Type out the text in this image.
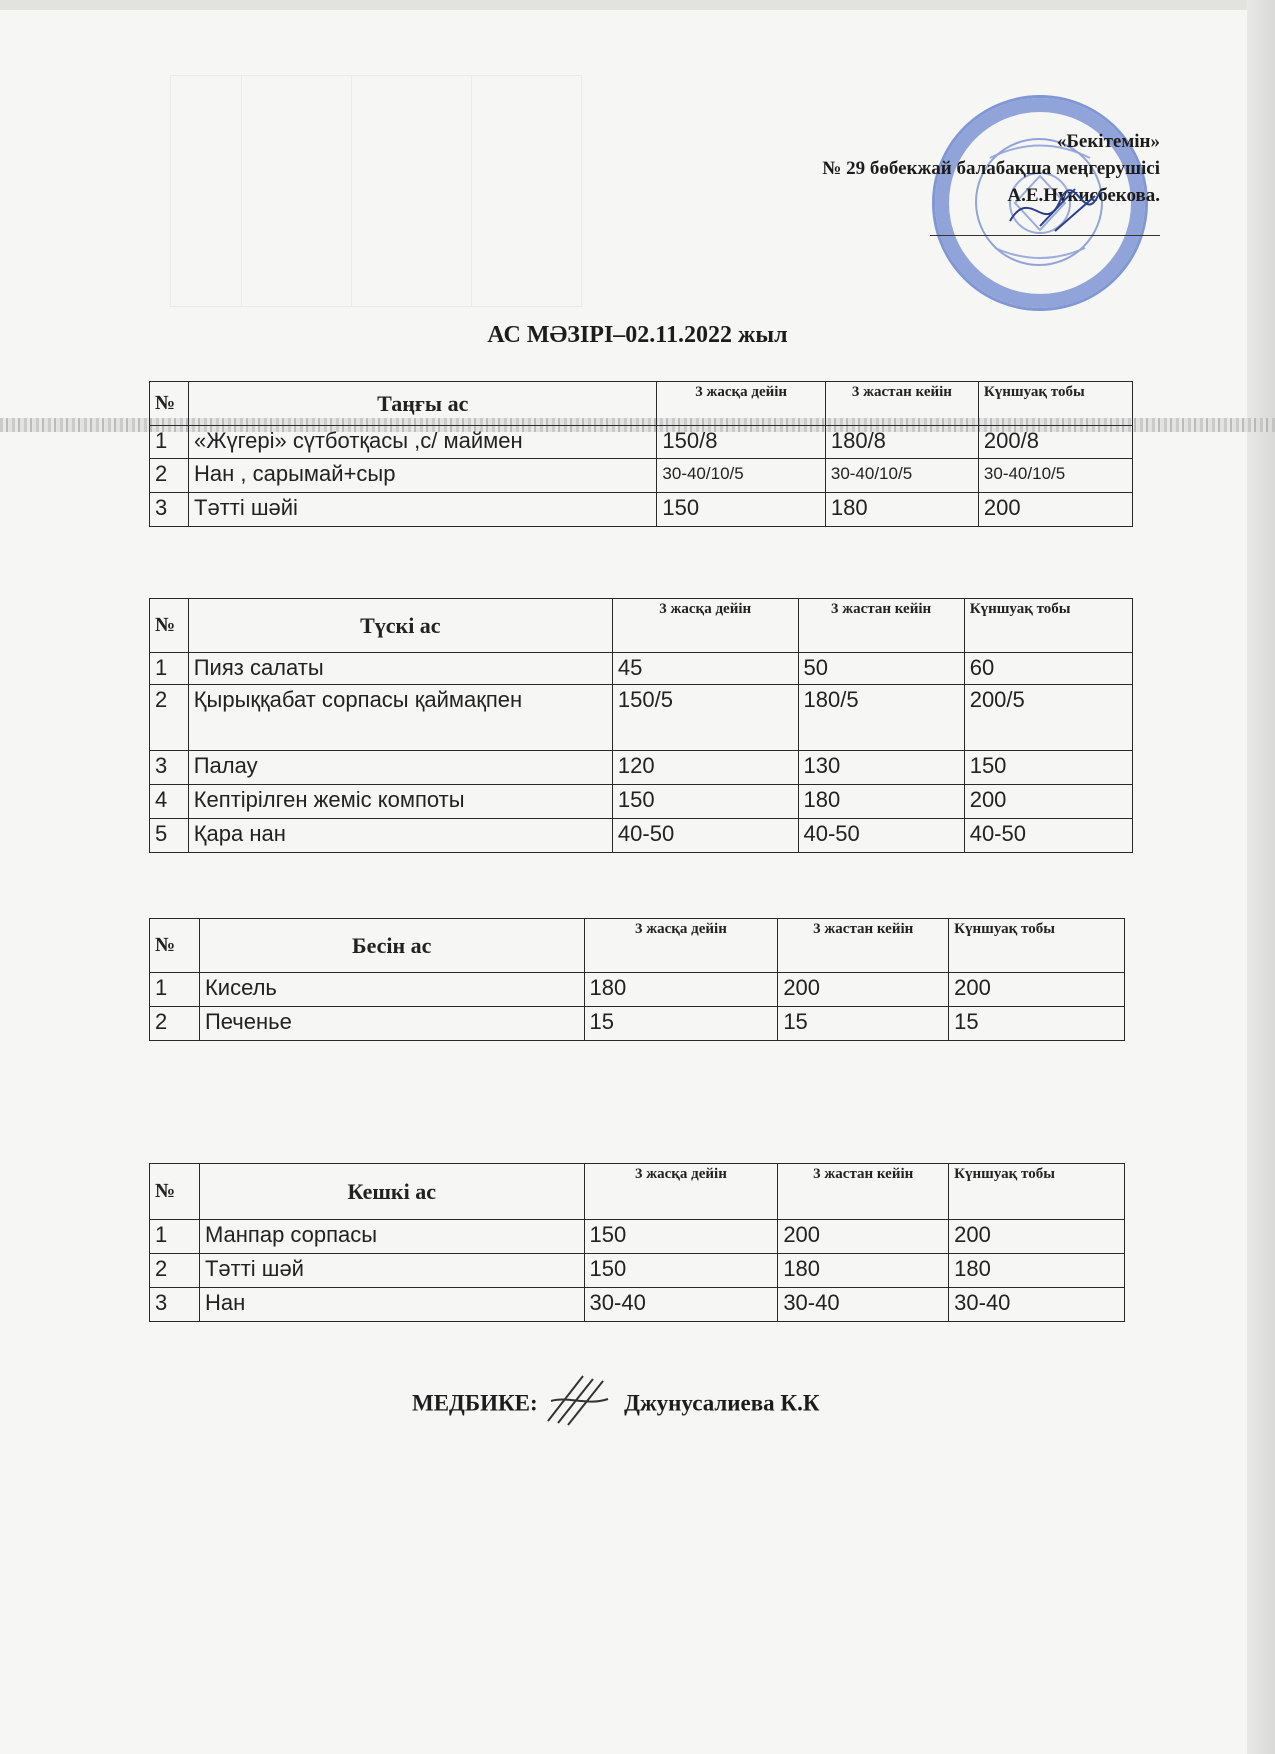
«Бекітемін»
№ 29 бөбекжай балабақша меңгерушісі
А.Е.Нукисбекова.
АС МӘЗІРІ–02.11.2022 жыл
№	Таңғы ас	3 жасқа дейін	3 жастан кейін	Күншуақ тобы
1	«Жүгері» сүтботқасы ,с/ маймен	150/8	180/8	200/8
2	Нан , сарымай+сыр	30-40/10/5	30-40/10/5	30-40/10/5
3	Тәтті шәйі	150	180	200
№	Түскі ас	3 жасқа дейін	3 жастан кейін	Күншуақ тобы
1	Пияз салаты	45	50	60
2	Қырыққабат сорпасы қаймақпен	150/5	180/5	200/5
3	Палау	120	130	150
4	Кептірілген жеміс компоты	150	180	200
5	Қара нан	40-50	40-50	40-50
№	Бесін ас	3 жасқа дейін	3 жастан кейін	Күншуақ тобы
1	Кисель	180	200	200
2	Печенье	15	15	15
№	Кешкі ас	3 жасқа дейін	3 жастан кейін	Күншуақ тобы
1	Манпар сорпасы	150	200	200
2	Тәтті шәй	150	180	180
3	Нан	30-40	30-40	30-40
МЕДБИКЕ:	Джунусалиева К.К
